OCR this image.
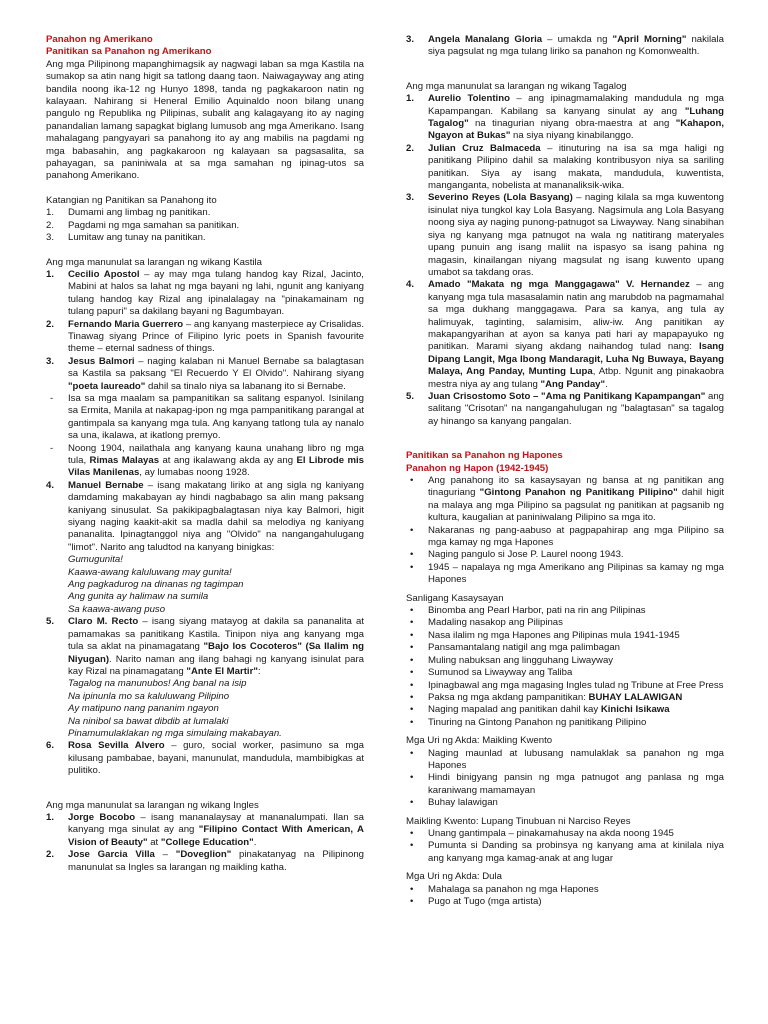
Panahon ng Amerikano
Panitikan sa Panahon ng Amerikano
Ang mga Pilipinong mapanghimagsik ay nagwagi laban sa mga Kastila na sumakop sa atin nang higit sa tatlong daang taon. Naiwagayway ang ating bandila noong ika-12 ng Hunyo 1898, tanda ng pagkakaroon natin ng kalayaan. Nahirang si Heneral Emilio Aquinaldo noon bilang unang pangulo ng Republika ng Pilipinas, subalit ang kalagayang ito ay naging panandalian lamang sapagkat biglang lumusob ang mga Amerikano. Isang mahalagang pangyayari sa panahong ito ay ang mabilis na pagdami ng mga babasahin, ang pagkakaroon ng kalayaan sa pagsasalita, sa pahayagan, sa paniniwala at sa mga samahan ng ipinag-utos sa panahong Amerikano.
Katangian ng Panitikan sa Panahong ito
1. Dumami ang limbag ng panitikan.
2. Pagdami ng mga samahan sa panitikan.
3. Lumitaw ang tunay na panitikan.
Ang mga manunulat sa larangan ng wikang Kastila
1. Cecilio Apostol – ay may mga tulang handog kay Rizal, Jacinto, Mabini at halos sa lahat ng mga bayani ng lahi, ngunit ang kaniyang tulang handog kay Rizal ang ipinalalagay na "pinakamainam ng tulang papuri" sa dakilang bayani ng Bagumbayan.
2. Fernando Maria Guerrero – ang kanyang masterpiece ay Crisalidas. Tinawag siyang Prince of Filipino lyric poets in Spanish favourite theme – eternal sadness of things.
3. Jesus Balmori – naging kalaban ni Manuel Bernabe sa balagtasan sa Kastila sa paksang "El Recuerdo Y El Olvido". Nahirang siyang "poeta laureado" dahil sa tinalo niya sa labanang ito si Bernabe.
- Isa sa mga maalam sa pampanitikan sa salitang espanyol. Isinilang sa Ermita, Manila at nakapag-ipon ng mga pampanitikang parangal at gantimpala sa kanyang mga tula. Ang kanyang tatlong tula ay nanalo sa una, ikalawa, at ikatlong premyo.
- Noong 1904, nailathala ang kanyang kauna unahang libro ng mga tula, Rimas Malayas at ang ikalawang akda ay ang El Librode mis Vilas Manilenas, ay lumabas noong 1928.
4. Manuel Bernabe – isang makatang liriko at ang sigla ng kaniyang damdaming makabayan ay hindi nagbabago sa alin mang paksang kaniyang sinusulat. Sa pakikipagbalagtasan niya kay Balmori, higit siyang naging kaakit-akit sa madla dahil sa melodiya ng kaniyang pananalita. Ipinagtanggol niya ang "Olvido" na nangangahulugang "limot". Narito ang taludtod na kanyang binigkas:
Gumugunita!
Kaawa-awang kaluluwang may gunita!
Ang pagkadurog na dinanas ng tagimpan
Ang gunita ay halimaw na sumila
Sa kaawa-awang puso
5. Claro M. Recto – isang siyang matayog at dakila sa pananalita at pamamakas sa panitikang Kastila. Tinipon niya ang kanyang mga tula sa aklat na pinamagatang "Bajo los Cocoteros" (Sa Ilalim ng Niyugan). Narito naman ang ilang bahagi ng kanyang isinulat para kay Rizal na pinamagatang "Ante El Martir":
Tagalog na manunubos! Ang banal na isip
Na ipinunla mo sa kaluluwang Pilipino
Ay matipuno nang pananim ngayon
Na ninibol sa bawat dibdib at lumalaki
Pinamumulaklakan ng mga simulaing makabayan.
6. Rosa Sevilla Alvero – guro, social worker, pasimuno sa mga kilusang pambabae, bayani, manunulat, mandudula, mambibigkas at pulitiko.
Ang mga manunulat sa larangan ng wikang Ingles
1. Jorge Bocobo – isang mananalaysay at mananalumpati. Ilan sa kanyang mga sinulat ay ang "Filipino Contact With American, A Vision of Beauty" at "College Education".
2. Jose Garcia Villa – "Doveglion" pinakatanyag na Pilipinong manunulat sa Ingles sa larangan ng maikling katha.
3. Angela Manalang Gloria – umakda ng "April Morning" nakilala siya pagsulat ng mga tulang liriko sa panahon ng Komonwealth.
Ang mga manunulat sa larangan ng wikang Tagalog
1. Aurelio Tolentino – ang ipinagmamalaking mandudula ng mga Kapampangan. Kabilang sa kanyang sinulat ay ang "Luhang Tagalog" na tinagurian niyang obra-maestra at ang "Kahapon, Ngayon at Bukas" na siya niyang kinabilanggo.
2. Julian Cruz Balmaceda – itinuturing na isa sa mga haligi ng panitikang Pilipino dahil sa malaking kontribusyon niya sa sariling panitikan. Siya ay isang makata, mandudula, kuwentista, manganganta, nobelista at mananaliksik-wika.
3. Severino Reyes (Lola Basyang) – naging kilala sa mga kuwentong isinulat niya tungkol kay Lola Basyang. Nagsimula ang Lola Basyang noong siya ay naging punong-patnugot sa Liwayway. Nang sinabihan siya ng kanyang mga patnugot na wala ng natitirang materyales upang punuin ang isang maliit na ispasyo sa isang pahina ng magasin, kinailangan niyang magsulat ng isang kuwento upang umabot sa takdang oras.
4. Amado "Makata ng mga Manggagawa" V. Hernandez – ang kanyang mga tula masasalamin natin ang marubdob na pagmamahal sa mga dukhang manggagawa. Para sa kanya, ang tula ay halimuyak, taginting, salamisim, aliw-iw. Ang panitikan ay makapangyarihan at ayon sa kanya pati hari ay mapapayuko ng panitikan. Marami siyang akdang naihandog tulad nang: Isang Dipang Langit, Mga Ibong Mandaragit, Luha Ng Buwaya, Bayang Malaya, Ang Panday, Munting Lupa, Atbp. Ngunit ang pinakaobra mestra niya ay ang tulang "Ang Panday".
5. Juan Crisostomo Soto – "Ama ng Panitikang Kapampangan" ang salitang "Crisotan" na nangangahulugan ng "balagtasan" sa tagalog ay hinango sa kanyang pangalan.
Panitikan sa Panahon ng Hapones
Panahon ng Hapon (1942-1945)
• Ang panahong ito sa kasaysayan ng bansa at ng panitikan ang tinaguriang "Gintong Panahon ng Panitikang Pilipino" dahil higit na malaya ang mga Pilipino sa pagsulat ng panitikan at pagsanib ng kultura, kaugalian at paniniwalang Pilipino sa mga ito.
• Nakaranas ng pang-aabuso at pagpapahirap ang mga Pilipino sa mga kamay ng mga Hapones
• Naging pangulo si Jose P. Laurel noong 1943.
• 1945 – napalaya ng mga Amerikano ang Pilipinas sa kamay ng mga Hapones
Sanligang Kasaysayan
• Binomba ang Pearl Harbor, pati na rin ang Pilipinas
• Madaling nasakop ang Pilipinas
• Nasa ilalim ng mga Hapones ang Pilipinas mula 1941-1945
• Pansamantalang natigil ang mga palimbagan
• Muling nabuksan ang lingguhang Liwayway
• Sumunod sa Liwayway ang Taliba
• Ipinagbawal ang mga magasing Ingles tulad ng Tribune at Free Press
• Paksa ng mga akdang pampanitikan: BUHAY LALAWIGAN
• Naging mapalad ang panitikan dahil kay Kinichi Isikawa
• Tinuring na Gintong Panahon ng panitikang Pilipino
Mga Uri ng Akda: Maikling Kwento
• Naging maunlad at lubusang namulaklak sa panahon ng mga Hapones
• Hindi binigyang pansin ng mga patnugot ang panlasa ng mga karaniwang mamamayan
• Buhay lalawigan
Maikling Kwento: Lupang Tinubuan ni Narciso Reyes
• Unang gantimpala – pinakamahusay na akda noong 1945
• Pumunta si Danding sa probinsya ng kanyang ama at kinilala niya ang kanyang mga kamag-anak at ang lugar
Mga Uri ng Akda: Dula
• Mahalaga sa panahon ng mga Hapones
• Pugo at Tugo (mga artista)
